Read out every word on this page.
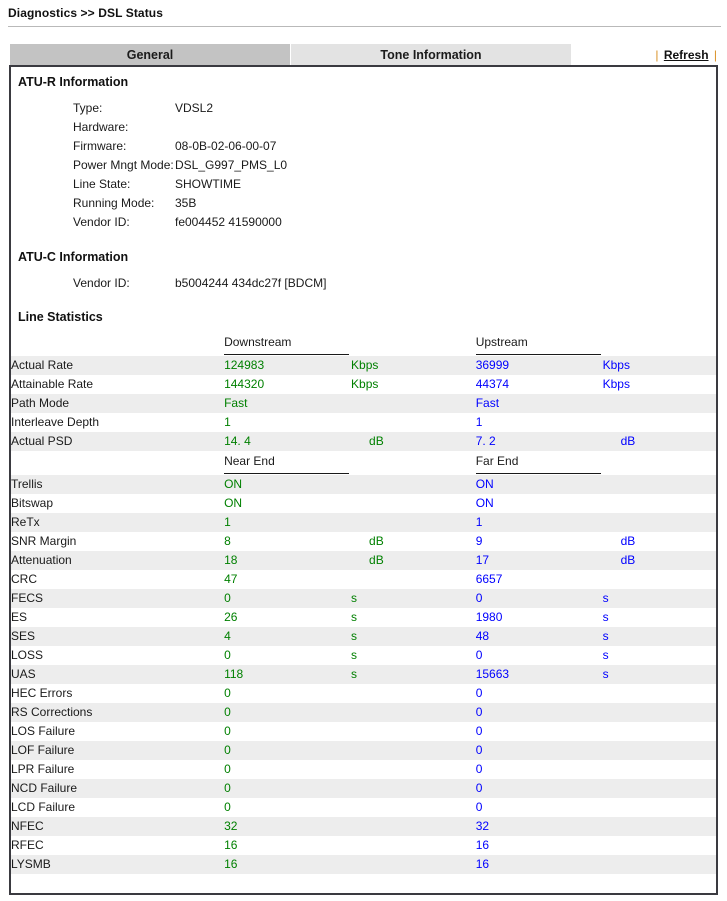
Diagnostics >> DSL Status
General	Tone Information	| Refresh |
ATU-R Information
Type:	VDSL2
Hardware:
Firmware:	08-0B-02-06-00-07
Power Mngt Mode: DSL_G997_PMS_L0
Line State:	SHOWTIME
Running Mode:	35B
Vendor ID:	fe004452 41590000
ATU-C Information
Vendor ID:	b5004244 434dc27f [BDCM]
Line Statistics
	Downstream		Upstream	
Actual Rate	124983	Kbps	36999	Kbps
Attainable Rate	144320	Kbps	44374	Kbps
Path Mode	Fast		Fast	
Interleave Depth	1		1	
Actual PSD	14. 4	dB	7. 2	dB
	Near End		Far End	
Trellis	ON		ON	
Bitswap	ON		ON	
ReTx	1		1	
SNR Margin	8	dB	9	dB
Attenuation	18	dB	17	dB
CRC	47		6657	
FECS	0	s	0	s
ES	26	s	1980	s
SES	4	s	48	s
LOSS	0	s	0	s
UAS	118	s	15663	s
HEC Errors	0		0	
RS Corrections	0		0	
LOS Failure	0		0	
LOF Failure	0		0	
LPR Failure	0		0	
NCD Failure	0		0	
LCD Failure	0		0	
NFEC	32		32	
RFEC	16		16	
LYSMB	16		16	
